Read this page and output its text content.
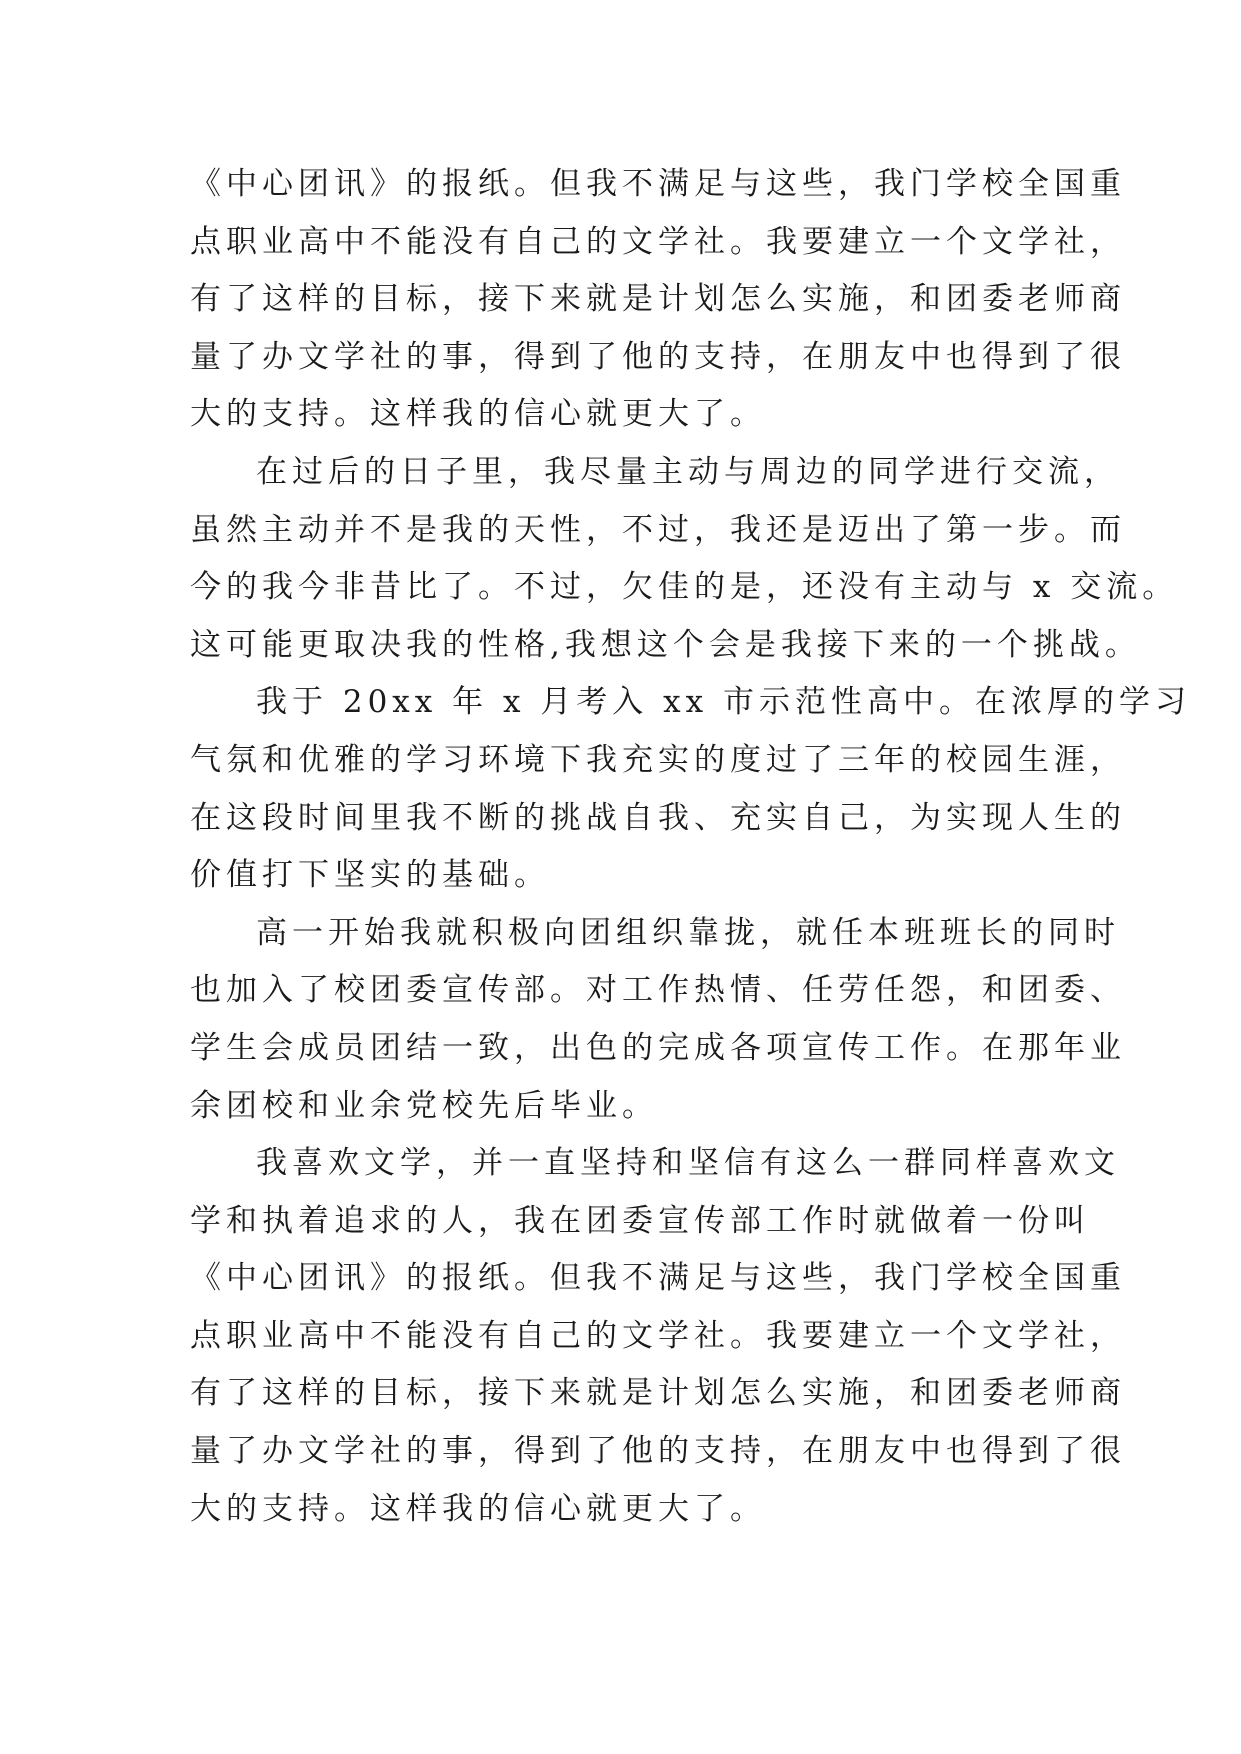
《中心团讯》的报纸。但我不满足与这些，我门学校全国重
点职业高中不能没有自己的文学社。我要建立一个文学社，
有了这样的目标，接下来就是计划怎么实施，和团委老师商
量了办文学社的事，得到了他的支持，在朋友中也得到了很
大的支持。这样我的信心就更大了。
在过后的日子里，我尽量主动与周边的同学进行交流，
虽然主动并不是我的天性，不过，我还是迈出了第一步。而
今的我今非昔比了。不过，欠佳的是，还没有主动与 x 交流。
这可能更取决我的性格,我想这个会是我接下来的一个挑战。
我于 20xx 年 x 月考入 xx 市示范性高中。在浓厚的学习
气氛和优雅的学习环境下我充实的度过了三年的校园生涯，
在这段时间里我不断的挑战自我、充实自己，为实现人生的
价值打下坚实的基础。
高一开始我就积极向团组织靠拢，就任本班班长的同时
也加入了校团委宣传部。对工作热情、任劳任怨，和团委、
学生会成员团结一致，出色的完成各项宣传工作。在那年业
余团校和业余党校先后毕业。
我喜欢文学，并一直坚持和坚信有这么一群同样喜欢文
学和执着追求的人，我在团委宣传部工作时就做着一份叫
《中心团讯》的报纸。但我不满足与这些，我门学校全国重
点职业高中不能没有自己的文学社。我要建立一个文学社，
有了这样的目标，接下来就是计划怎么实施，和团委老师商
量了办文学社的事，得到了他的支持，在朋友中也得到了很
大的支持。这样我的信心就更大了。
